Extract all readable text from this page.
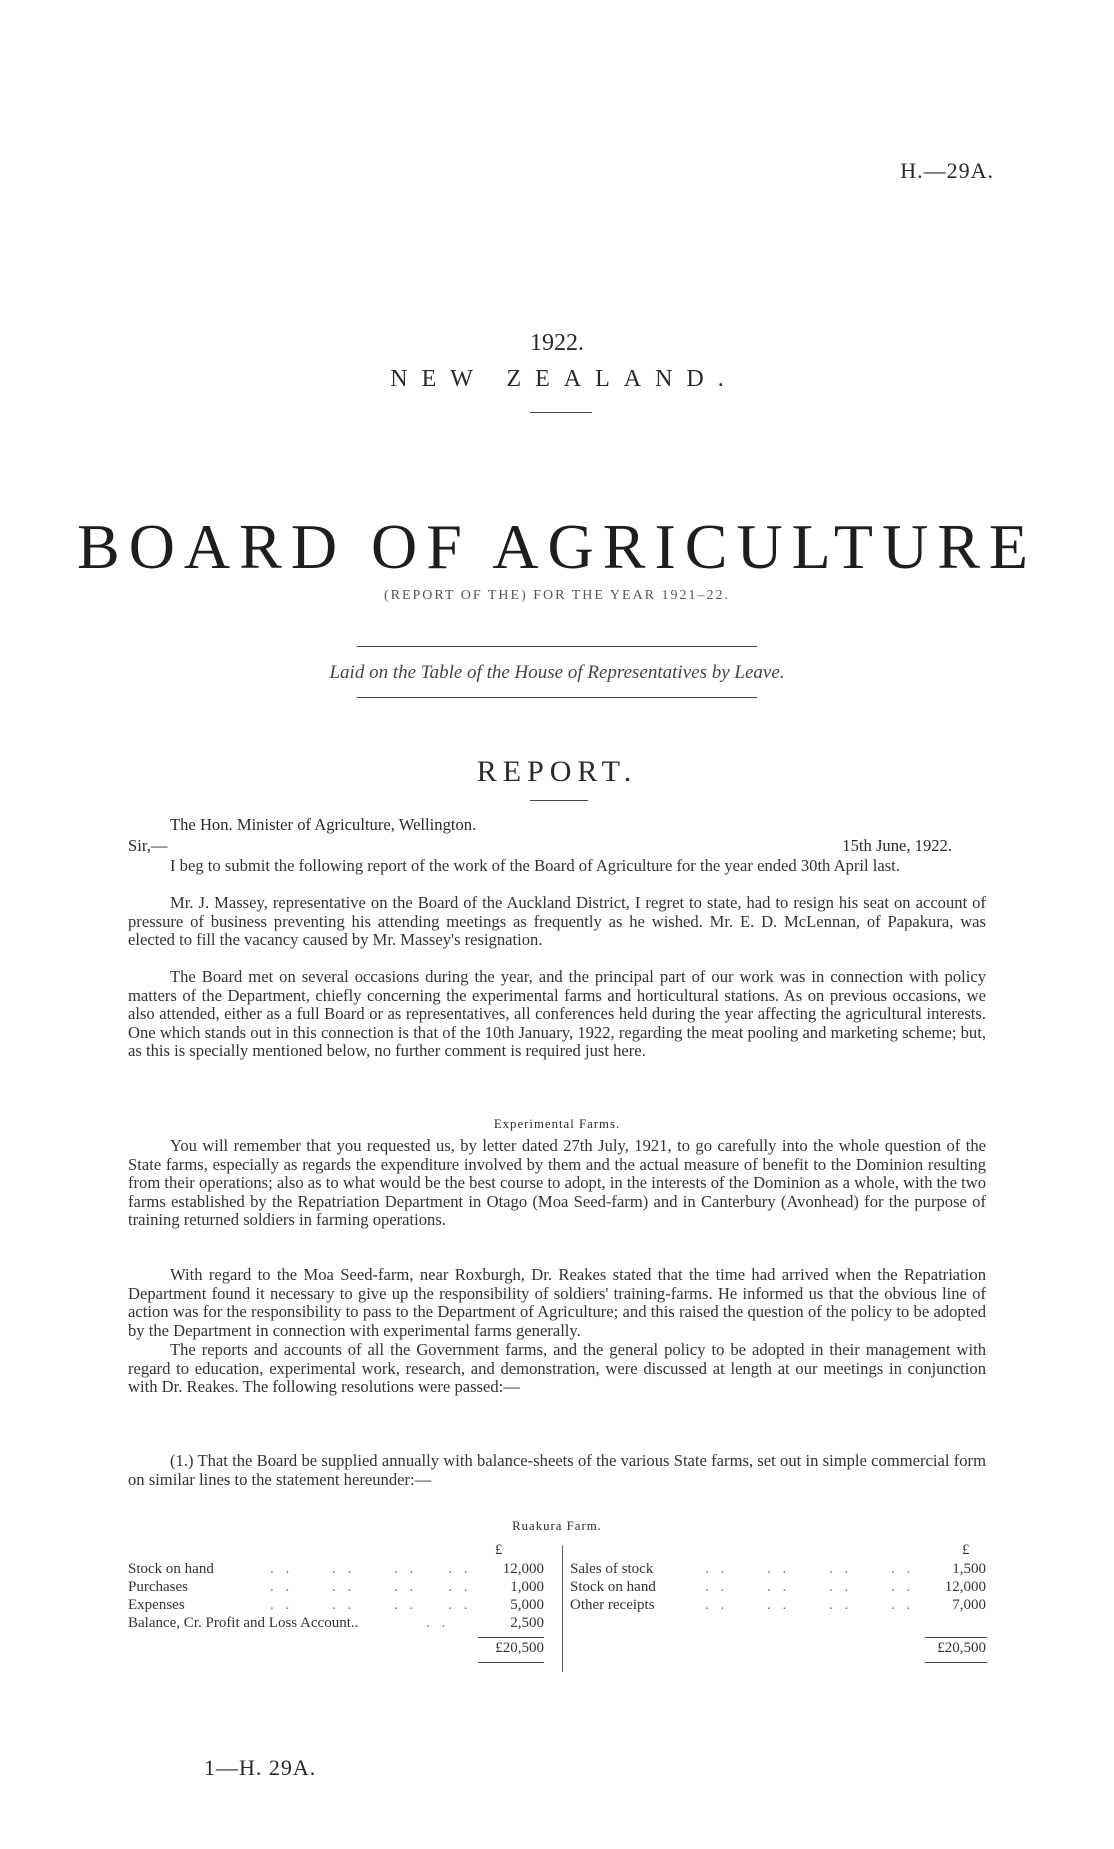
H.—29A.
1922.
NEW ZEALAND.
BOARD OF AGRICULTURE
(REPORT OF THE) FOR THE YEAR 1921–22.
Laid on the Table of the House of Representatives by Leave.
REPORT.
The Hon. Minister of Agriculture, Wellington.
Sir,—	15th June, 1922.
I beg to submit the following report of the work of the Board of Agriculture for the year ended 30th April last.
Mr. J. Massey, representative on the Board of the Auckland District, I regret to state, had to resign his seat on account of pressure of business preventing his attending meetings as frequently as he wished. Mr. E. D. McLennan, of Papakura, was elected to fill the vacancy caused by Mr. Massey's resignation.
The Board met on several occasions during the year, and the principal part of our work was in connection with policy matters of the Department, chiefly concerning the experimental farms and horticultural stations. As on previous occasions, we also attended, either as a full Board or as representatives, all conferences held during the year affecting the agricultural interests. One which stands out in this connection is that of the 10th January, 1922, regarding the meat pooling and marketing scheme; but, as this is specially mentioned below, no further comment is required just here.
Experimental Farms.
You will remember that you requested us, by letter dated 27th July, 1921, to go carefully into the whole question of the State farms, especially as regards the expenditure involved by them and the actual measure of benefit to the Dominion resulting from their operations; also as to what would be the best course to adopt, in the interests of the Dominion as a whole, with the two farms established by the Repatriation Department in Otago (Moa Seed-farm) and in Canterbury (Avonhead) for the purpose of training returned soldiers in farming operations.
With regard to the Moa Seed-farm, near Roxburgh, Dr. Reakes stated that the time had arrived when the Repatriation Department found it necessary to give up the responsibility of soldiers' training-farms. He informed us that the obvious line of action was for the responsibility to pass to the Department of Agriculture; and this raised the question of the policy to be adopted by the Department in connection with experimental farms generally.
The reports and accounts of all the Government farms, and the general policy to be adopted in their management with regard to education, experimental work, research, and demonstration, were discussed at length at our meetings in conjunction with Dr. Reakes. The following resolutions were passed:—
(1.) That the Board be supplied annually with balance-sheets of the various State farms, set out in simple commercial form on similar lines to the statement hereunder:—
Ruakura Farm.
£	£
Stock on hand	. .     . .     . .    . .	12,000
Purchases	. .     . .     . .    . .	1,000
Expenses	. .     . .     . .    . .	5,000
Balance, Cr. Profit and Loss Account..	. .	2,500
Sales of stock	. .     . .     . .     . .	1,500
Stock on hand	. .     . .     . .     . .	12,000
Other receipts	. .     . .     . .     . .	7,000
£20,500	£20,500
1—H. 29A.
